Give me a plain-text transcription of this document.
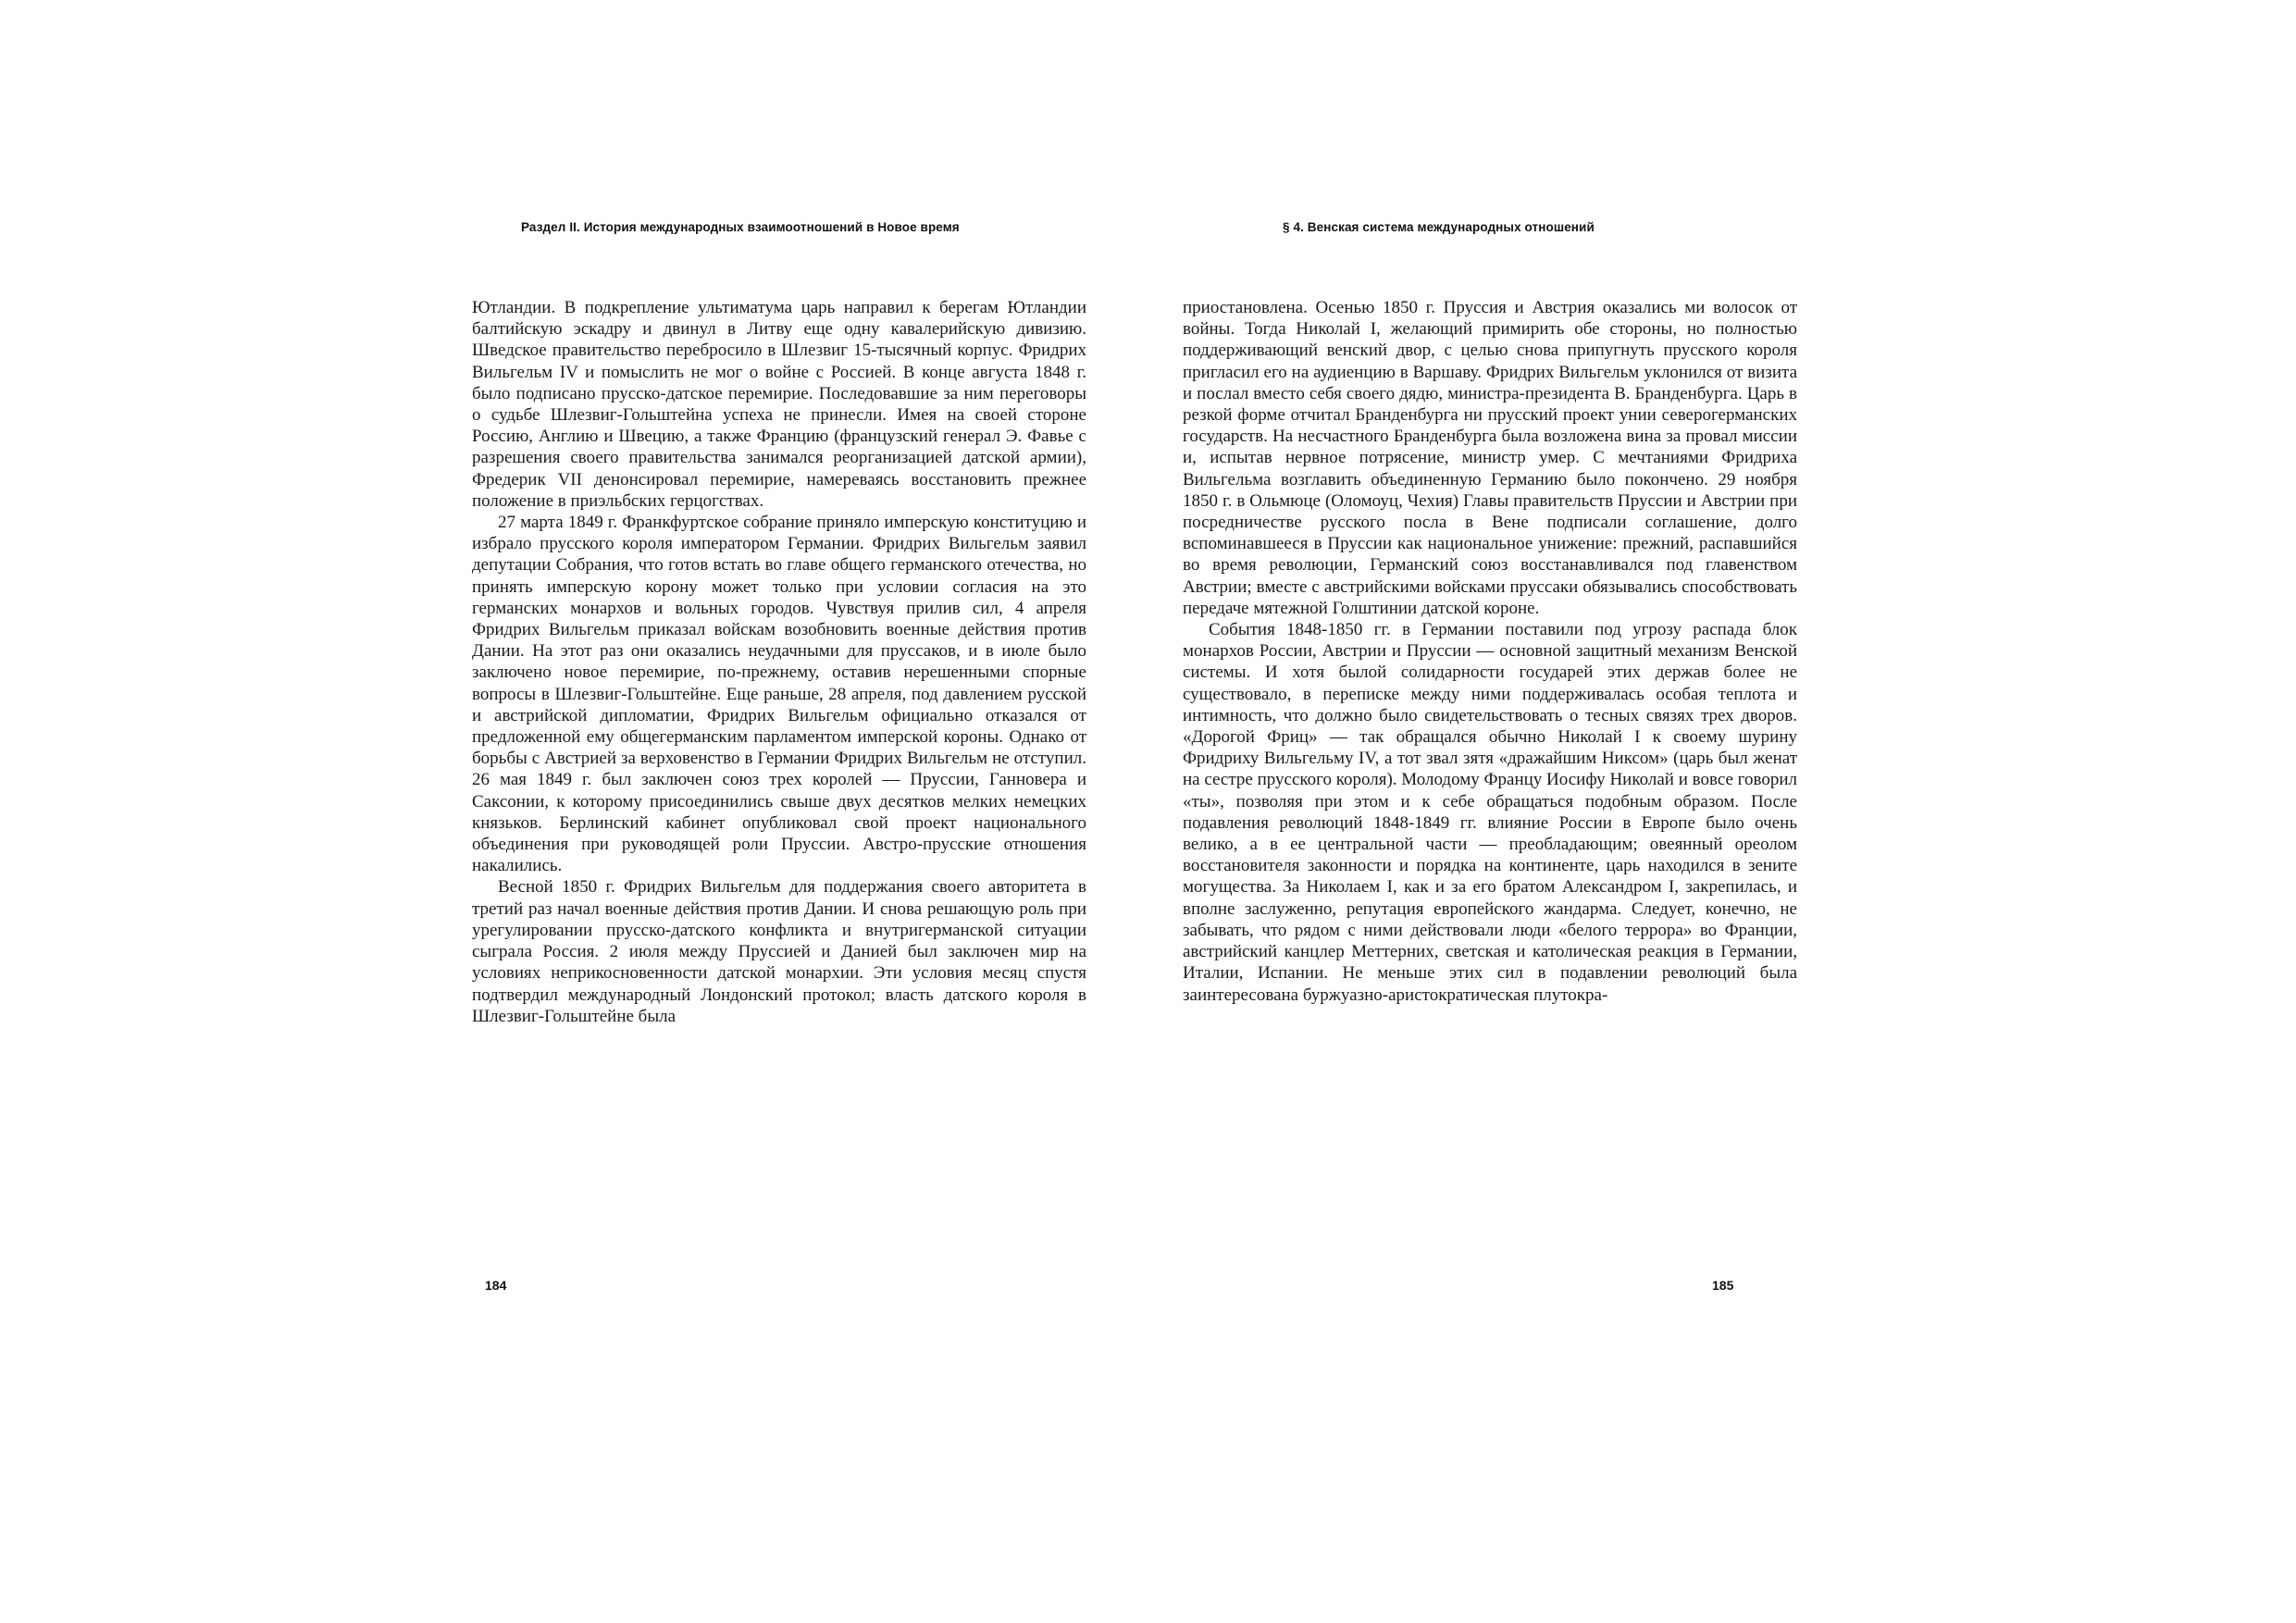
Раздел II. История международных взаимоотношений в Новое время

Ютландии. В подкрепление ультиматума царь направил к берегам Ютландии балтийскую эскадру и двинул в Литву еще одну кавалерийскую дивизию. Шведское правительство перебросило в Шлезвиг 15-тысячный корпус. Фридрих Вильгельм IV и помыслить не мог о войне с Россией. В конце августа 1848 г. было подписано прусско-датское перемирие. Последовавшие за ним переговоры о судьбе Шлезвиг-Гольштейна успеха не принесли. Имея на своей стороне Россию, Англию и Швецию, а также Францию (французский генерал Э. Фавье с разрешения своего правительства занимался реорганизацией датской армии), Фредерик VII денонсировал перемирие, намереваясь восстановить прежнее положение в приэльбских герцогствах.

27 марта 1849 г. Франкфуртское собрание приняло имперскую конституцию и избрало прусского короля императором Германии. Фридрих Вильгельм заявил депутации Собрания, что готов встать во главе общего германского отечества, но принять имперскую корону может только при условии согласия на это германских монархов и вольных городов. Чувствуя прилив сил, 4 апреля Фридрих Вильгельм приказал войскам возобновить военные действия против Дании. На этот раз они оказались неудачными для пруссаков, и в июле было заключено новое перемирие, по-прежнему, оставив нерешенными спорные вопросы в Шлезвиг-Гольштейне. Еще раньше, 28 апреля, под давлением русской и австрийской дипломатии, Фридрих Вильгельм официально отказался от предложенной ему общегерманским парламентом имперской короны. Однако от борьбы с Австрией за верховенство в Германии Фридрих Вильгельм не отступил. 26 мая 1849 г. был заключен союз трех королей — Пруссии, Ганновера и Саксонии, к которому присоединились свыше двух десятков мелких немецких князьков. Берлинский кабинет опубликовал свой проект национального объединения при руководящей роли Пруссии. Австро-прусские отношения накалились.

Весной 1850 г. Фридрих Вильгельм для поддержания своего авторитета в третий раз начал военные действия против Дании. И снова решающую роль при урегулировании прусско-датского конфликта и внутригерманской ситуации сыграла Россия. 2 июля между Пруссией и Данией был заключен мир на условиях неприкосновенности датской монархии. Эти условия месяц спустя подтвердил международный Лондонский протокол; власть датского короля в Шлезвиг-Гольштейне была

184
§ 4. Венская система международных отношений

приостановлена. Осенью 1850 г. Пруссия и Австрия оказались ми волосок от войны. Тогда Николай I, желающий примирить обе стороны, но полностью поддерживающий венский двор, с целью снова припугнуть прусского короля пригласил его на аудиенцию в Варшаву. Фридрих Вильгельм уклонился от визита и послал вместо себя своего дядю, министра-президента В. Бранденбурга. Царь в резкой форме отчитал Бранденбурга ни прусский проект унии северогерманских государств. На несчастного Бранденбурга была возложена вина за провал миссии и, испытав нервное потрясение, министр умер. С мечтаниями Фридриха Вильгельма возглавить объединенную Германию было покончено. 29 ноября 1850 г. в Ольмюце (Оломоуц, Чехия) Главы правительств Пруссии и Австрии при посредничестве русского посла в Вене подписали соглашение, долго вспоминавшееся в Пруссии как национальное унижение: прежний, распавшийся во время революции, Германский союз восстанавливался под главенством Австрии; вместе с австрийскими войсками пруссаки обязывались способствовать передаче мятежной Голштинии датской короне.

События 1848-1850 гг. в Германии поставили под угрозу распада блок монархов России, Австрии и Пруссии — основной защитный механизм Венской системы. И хотя былой солидарности государей этих держав более не существовало, в переписке между ними поддерживалась особая теплота и интимность, что должно было свидетельствовать о тесных связях трех дворов. «Дорогой Фриц» — так обращался обычно Николай I к своему шурину Фридриху Вильгельму IV, а тот звал зятя «дражайшим Никсом» (царь был женат на сестре прусского короля). Молодому Францу Иосифу Николай и вовсе говорил «ты», позволяя при этом и к себе обращаться подобным образом. После подавления революций 1848-1849 гг. влияние России в Европе было очень велико, а в ее центральной части — преобладающим; овеянный ореолом восстановителя законности и порядка на континенте, царь находился в зените могущества. За Николаем I, как и за его братом Александром I, закрепилась, и вполне заслуженно, репутация европейского жандарма. Следует, конечно, не забывать, что рядом с ними действовали люди «белого террора» во Франции, австрийский канцлер Меттерних, светская и католическая реакция в Германии, Италии, Испании. Не меньше этих сил в подавлении революций была заинтересована буржуазно-аристократическая плутокра-

185
